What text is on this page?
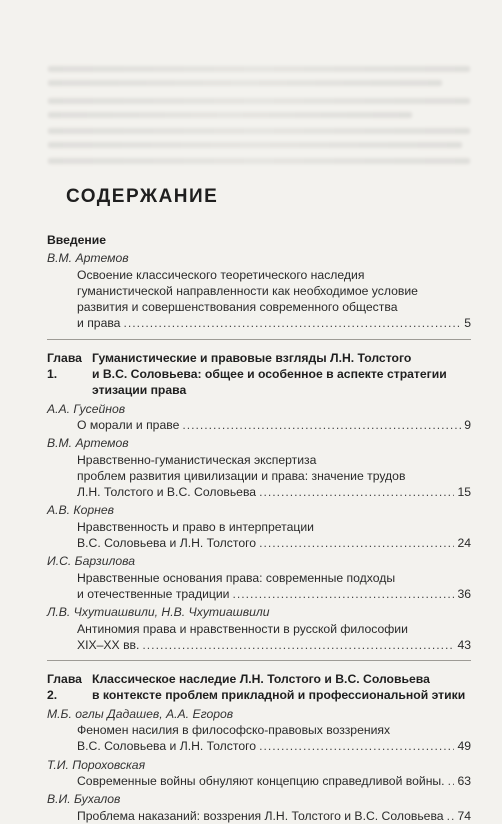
СОДЕРЖАНИЕ
Введение
В.М. Артемов
Освоение классического теоретического наследия
гуманистической направленности как необходимое условие
развития и совершенствования современного общества
и права .....	5
Глава 1.
Гуманистические и правовые взгляды Л.Н. Толстого
и В.С. Соловьева: общее и особенное в аспекте стратегии
этизации права
А.А. Гусейнов
О морали и праве .....	9
В.М. Артемов
Нравственно-гуманистическая экспертиза
проблем развития цивилизации и права: значение трудов
Л.Н. Толстого и В.С. Соловьева .....	15
А.В. Корнев
Нравственность и право в интерпретации
В.С. Соловьева и Л.Н. Толстого .....	24
И.С. Барзилова
Нравственные основания права: современные подходы
и отечественные традиции .....	36
Л.В. Чхутиашвили, Н.В. Чхутиашвили
Антиномия права и нравственности в русской философии
XIX–XX вв. .....	43
Глава 2.
Классическое наследие Л.Н. Толстого и В.С. Соловьева
в контексте проблем прикладной и профессиональной этики
М.Б. оглы Дадашев, А.А. Егоров
Феномен насилия в философско-правовых воззрениях
В.С. Соловьева и Л.Н. Толстого .....	49
Т.И. Пороховская
Современные войны обнуляют концепцию справедливой войны. ..... 63
В.И. Бухалов
Проблема наказаний: воззрения Л.Н. Толстого и В.С. Соловьева ..... 74
